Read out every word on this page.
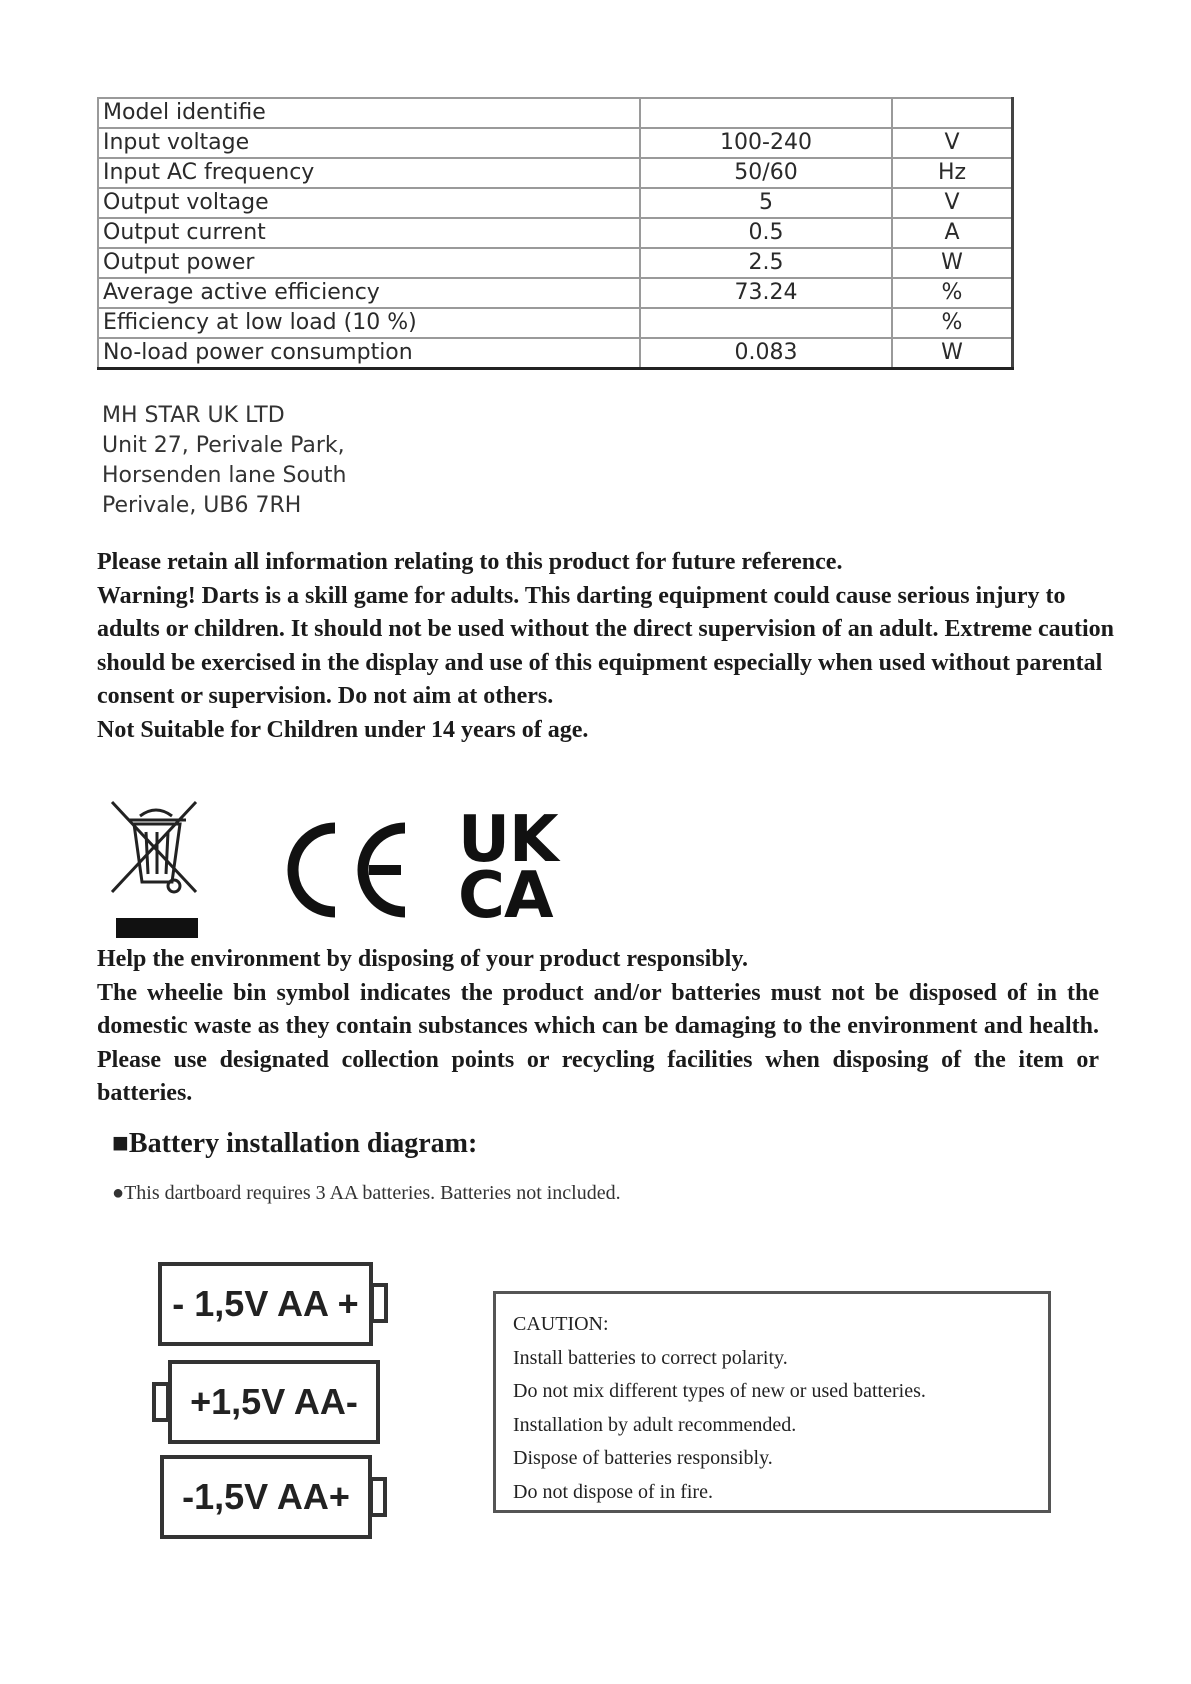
Model identifie		
Input voltage	100-240	V
Input AC frequency	50/60	Hz
Output voltage	5	V
Output current	0.5	A
Output power	2.5	W
Average active efficiency	73.24	%
Efficiency at low load (10 %)		%
No-load power consumption	0.083	W
MH STAR UK LTD
Unit 27, Perivale Park,
Horsenden lane South
Perivale, UB6 7RH

Please retain all information relating to this product for future reference.

Warning! Darts is a skill game for adults. This darting equipment could cause serious injury to adults or children. It should not be used without the direct supervision of an adult. Extreme caution should be exercised in the display and use of this equipment especially when used without parental consent or supervision. Do not aim at others.

Not Suitable for Children under 14 years of age.

UK
CA

Help the environment by disposing of your product responsibly.

The wheelie bin symbol indicates the product and/or batteries must not be disposed of in the domestic waste as they contain substances which can be damaging to the environment and health. Please use designated collection points or recycling facilities when disposing of the item or batteries.

■Battery installation diagram:
●This dartboard requires 3 AA batteries. Batteries not included.
- 1,5V AA +
+1,5V AA-
-1,5V AA+
CAUTION:
Install batteries to correct polarity.
Do not mix different types of new or used batteries.
Installation by adult recommended.
Dispose of batteries responsibly.
Do not dispose of in fire.
